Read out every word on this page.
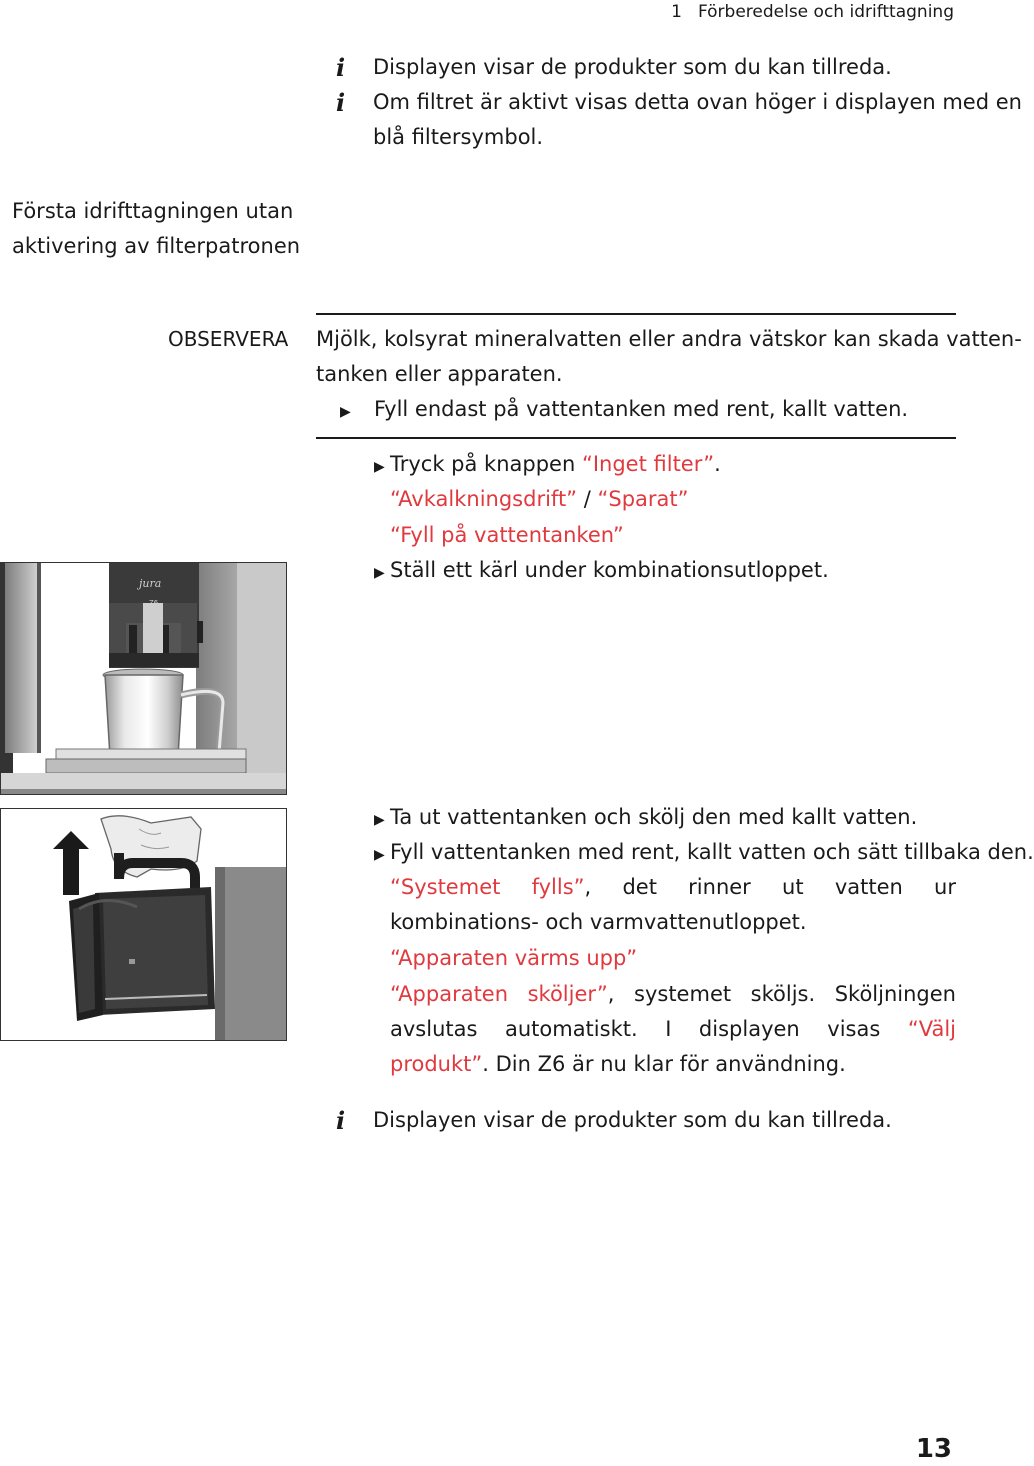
1 Förberedelse och idrifttagning
i Displayen visar de produkter som du kan tillreda.
i Om filtret är aktivt visas detta ovan höger i displayen med en
blå filtersymbol.
Första idrifttagningen utan
aktivering av filterpatronen
OBSERVERA Mjölk, kolsyrat mineralvatten eller andra vätskor kan skada vatten-
tanken eller apparaten.
▶ Fyll endast på vattentanken med rent, kallt vatten.
▶ Tryck på knappen “Inget filter”.
“Avkalkningsdrift” / “Sparat”
“Fyll på vattentanken”
▶ Ställ ett kärl under kombinationsutloppet.
jura
Z6
▶ Ta ut vattentanken och skölj den med kallt vatten.
▶ Fyll vattentanken med rent, kallt vatten och sätt tillbaka den.
“Systemet fylls”, det rinner ut vatten ur kombinations- och varmvattenutloppet.
“Apparaten värms upp”
“Apparaten sköljer”, systemet sköljs. Sköljningen avslutas automatiskt. I displayen visas “Välj produkt”. Din Z6 är nu klar för användning.
i Displayen visar de produkter som du kan tillreda.
13
